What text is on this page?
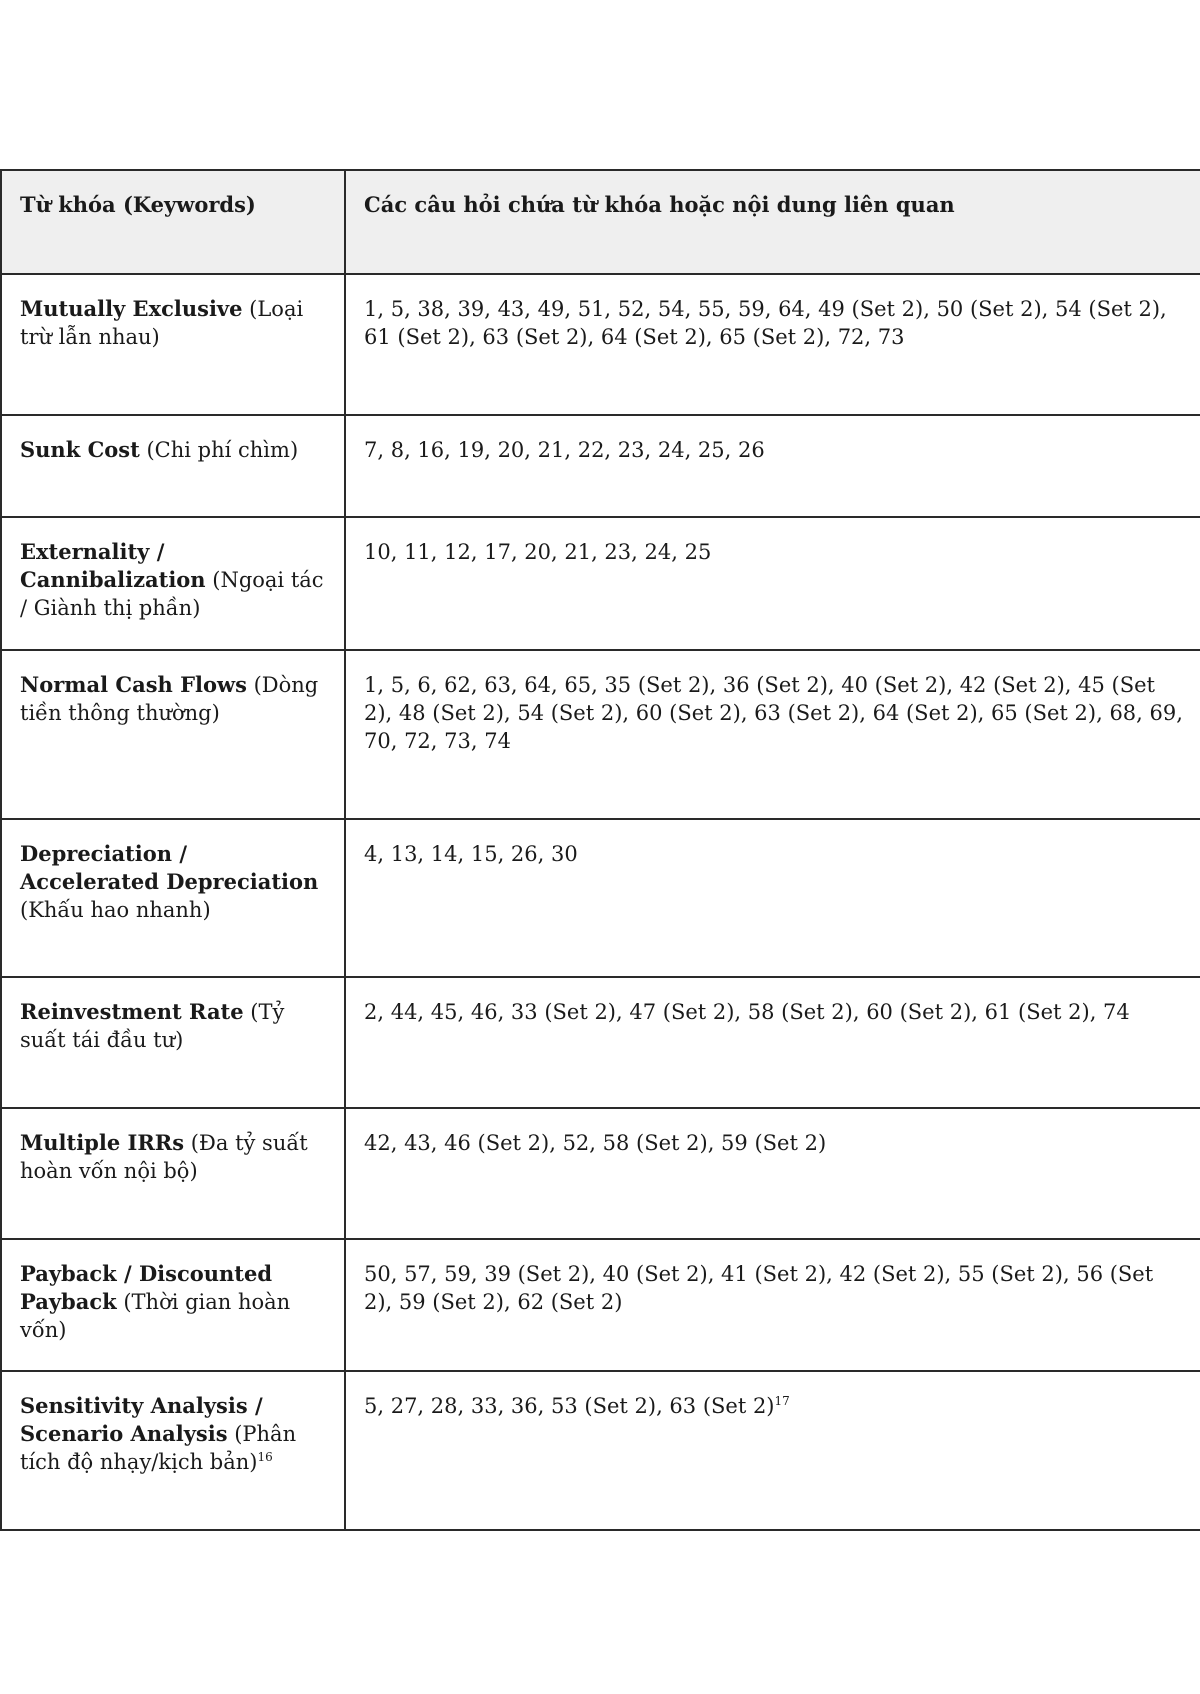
Từ khóa (Keywords)	Các câu hỏi chứa từ khóa hoặc nội dung liên quan
Mutually Exclusive (Loại trừ lẫn nhau)	1, 5, 38, 39, 43, 49, 51, 52, 54, 55, 59, 64, 49 (Set 2), 50 (Set 2), 54 (Set 2), 61 (Set 2), 63 (Set 2), 64 (Set 2), 65 (Set 2), 72, 73
Sunk Cost (Chi phí chìm)	7, 8, 16, 19, 20, 21, 22, 23, 24, 25, 26
Externality / Cannibalization (Ngoại tác / Giành thị phần)	10, 11, 12, 17, 20, 21, 23, 24, 25
Normal Cash Flows (Dòng tiền thông thường)	1, 5, 6, 62, 63, 64, 65, 35 (Set 2), 36 (Set 2), 40 (Set 2), 42 (Set 2), 45 (Set 2), 48 (Set 2), 54 (Set 2), 60 (Set 2), 63 (Set 2), 64 (Set 2), 65 (Set 2), 68, 69, 70, 72, 73, 74
Depreciation / Accelerated Depreciation (Khấu hao nhanh)	4, 13, 14, 15, 26, 30
Reinvestment Rate (Tỷ suất tái đầu tư)	2, 44, 45, 46, 33 (Set 2), 47 (Set 2), 58 (Set 2), 60 (Set 2), 61 (Set 2), 74
Multiple IRRs (Đa tỷ suất hoàn vốn nội bộ)	42, 43, 46 (Set 2), 52, 58 (Set 2), 59 (Set 2)
Payback / Discounted Payback (Thời gian hoàn vốn)	50, 57, 59, 39 (Set 2), 40 (Set 2), 41 (Set 2), 42 (Set 2), 55 (Set 2), 56 (Set 2), 59 (Set 2), 62 (Set 2)
Sensitivity Analysis / Scenario Analysis (Phân tích độ nhạy/kịch bản)$^{16}$	5, 27, 28, 33, 36, 53 (Set 2), 63 (Set 2)$^{17}$
